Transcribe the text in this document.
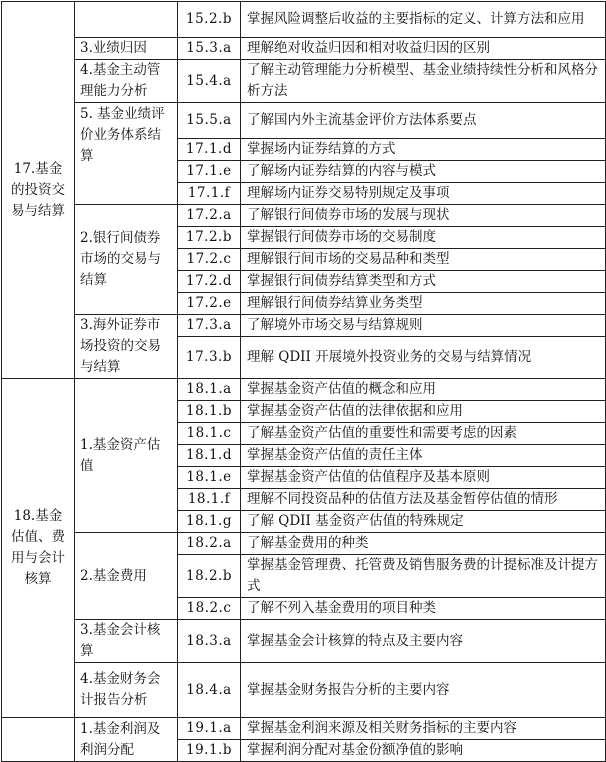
17.基金的投资交易与结算		15.2.b	掌握风险调整后收益的主要指标的定义、计算方法和应用
	3.业绩归因	15.3.a	理解绝对收益归因和相对收益归因的区别
	4.基金主动管理能力分析	15.4.a	了解主动管理能力分析模型、基金业绩持续性分析和风格分析方法
	5. 基金业绩评价业务体系结算	15.5.a	了解国内外主流基金评价方法体系要点
		17.1.d	掌握场内证券结算的方式
		17.1.e	了解场内证券结算的内容与模式
		17.1.f	理解场内证券交易特别规定及事项
	2.银行间债券市场的交易与结算	17.2.a	了解银行间债券市场的发展与现状
		17.2.b	掌握银行间债券市场的交易制度
		17.2.c	理解银行间市场的交易品种和类型
		17.2.d	掌握银行间债券结算类型和方式
		17.2.e	理解银行间债券结算业务类型
	3.海外证券市场投资的交易与结算	17.3.a	了解境外市场交易与结算规则
		17.3.b	理解 QDII 开展境外投资业务的交易与结算情况
18.基金估值、费用与会计核算	1.基金资产估值	18.1.a	掌握基金资产估值的概念和应用
		18.1.b	掌握基金资产估值的法律依据和应用
		18.1.c	了解基金资产估值的重要性和需要考虑的因素
		18.1.d	掌握基金资产估值的责任主体
		18.1.e	掌握基金资产估值的估值程序及基本原则
		18.1.f	理解不同投资品种的估值方法及基金暂停估值的情形
		18.1.g	了解 QDII 基金资产估值的特殊规定
	2.基金费用	18.2.a	了解基金费用的种类
		18.2.b	掌握基金管理费、托管费及销售服务费的计提标准及计提方式
		18.2.c	了解不列入基金费用的项目种类
	3.基金会计核算	18.3.a	掌握基金会计核算的特点及主要内容
	4.基金财务会计报告分析	18.4.a	掌握基金财务报告分析的主要内容
	1.基金利润及利润分配	19.1.a	掌握基金利润来源及相关财务指标的主要内容
		19.1.b	掌握利润分配对基金份额净值的影响
